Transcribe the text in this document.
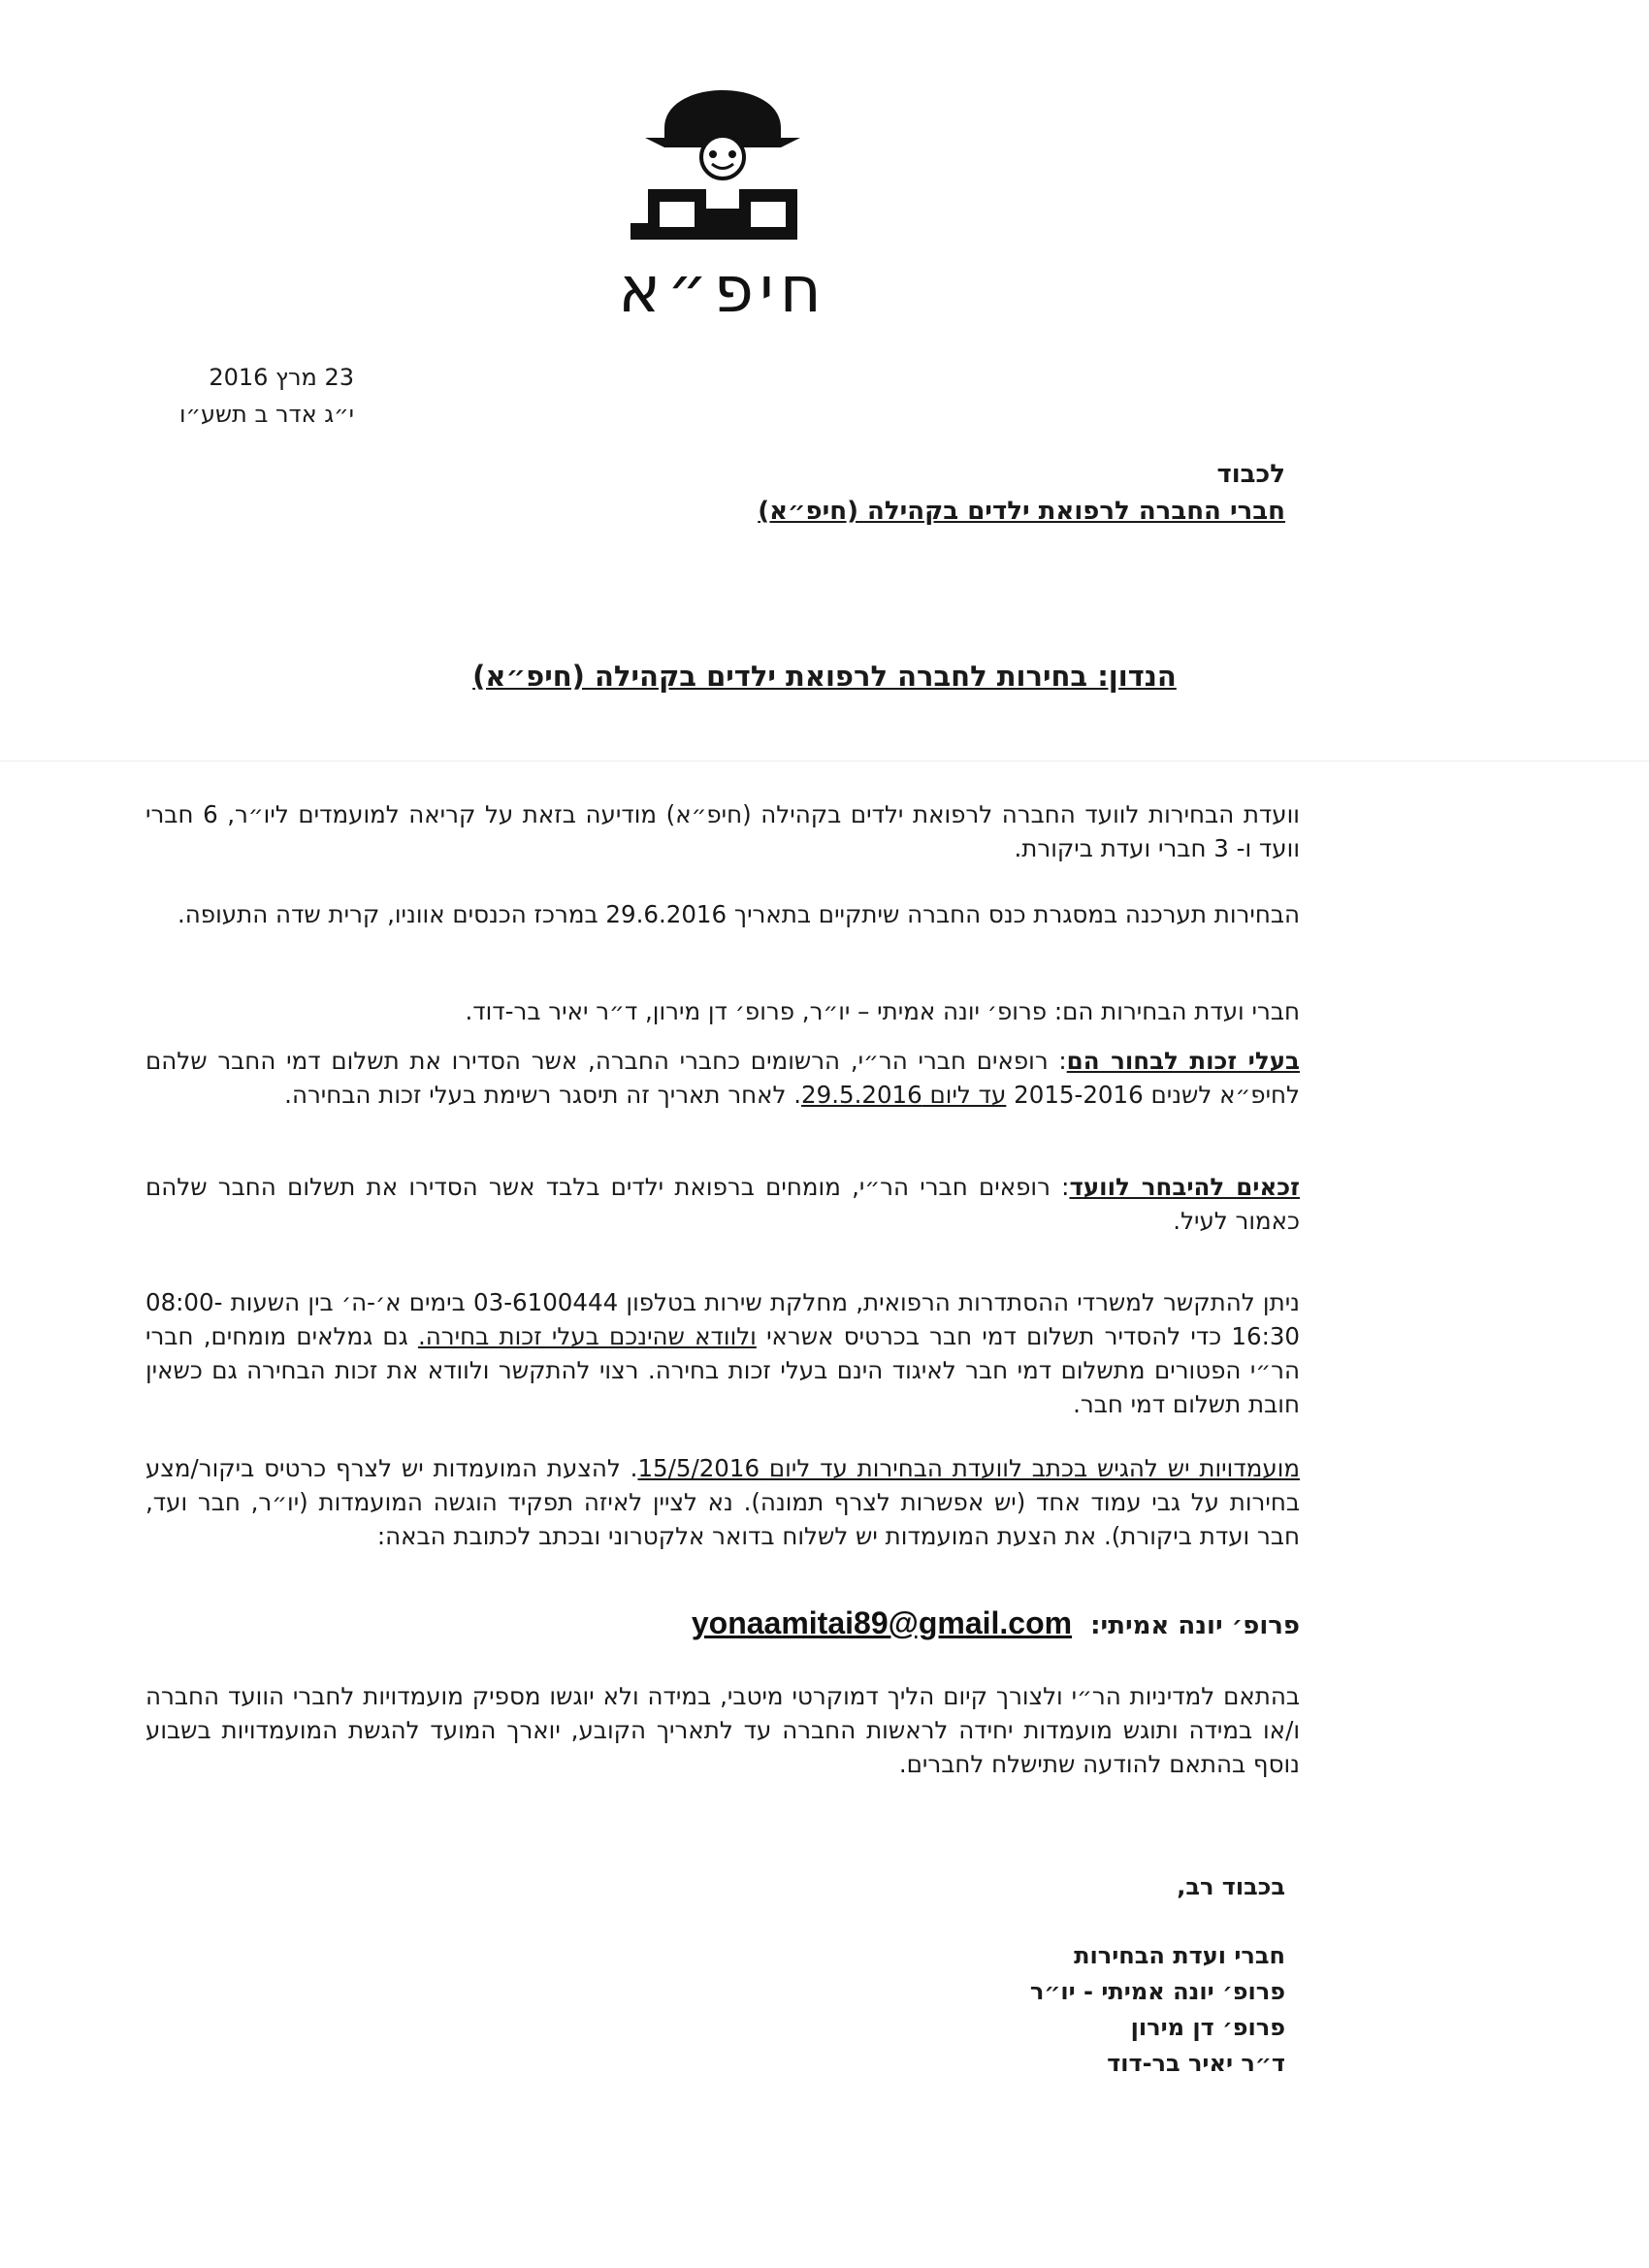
חיפ״א
23 מרץ 2016
י״ג אדר ב תשע״ו
לכבוד
חברי החברה לרפואת ילדים בקהילה (חיפ״א)
הנדון: בחירות לחברה לרפואת ילדים בקהילה (חיפ״א)
וועדת הבחירות לוועד החברה לרפואת ילדים בקהילה (חיפ״א) מודיעה בזאת על קריאה למועמדים ליו״ר, 6 חברי וועד ו- 3 חברי ועדת ביקורת.
הבחירות תערכנה במסגרת כנס החברה שיתקיים בתאריך 29.6.2016 במרכז הכנסים אווניו, קרית שדה התעופה.
חברי ועדת הבחירות הם: פרופ׳ יונה אמיתי – יו״ר, פרופ׳ דן מירון, ד״ר יאיר בר-דוד.
בעלי זכות לבחור הם: רופאים חברי הר״י, הרשומים כחברי החברה, אשר הסדירו את תשלום דמי החבר שלהם לחיפ״א לשנים 2015-2016 עד ליום 29.5.2016. לאחר תאריך זה תיסגר רשימת בעלי זכות הבחירה.
זכאים להיבחר לוועד: רופאים חברי הר״י, מומחים ברפואת ילדים בלבד אשר הסדירו את תשלום החבר שלהם כאמור לעיל.
ניתן להתקשר למשרדי ההסתדרות הרפואית, מחלקת שירות בטלפון 03-6100444 בימים א׳-ה׳ בין השעות 08:00-16:30 כדי להסדיר תשלום דמי חבר בכרטיס אשראי ולוודא שהינכם בעלי זכות בחירה. גם גמלאים מומחים, חברי הר״י הפטורים מתשלום דמי חבר לאיגוד הינם בעלי זכות בחירה. רצוי להתקשר ולוודא את זכות הבחירה גם כשאין חובת תשלום דמי חבר.
מועמדויות יש להגיש בכתב לוועדת הבחירות עד ליום 15/5/2016. להצעת המועמדות יש לצרף כרטיס ביקור/מצע בחירות על גבי עמוד אחד (יש אפשרות לצרף תמונה). נא לציין לאיזה תפקיד הוגשה המועמדות (יו״ר, חבר ועד, חבר ועדת ביקורת). את הצעת המועמדות יש לשלוח בדואר אלקטרוני ובכתב לכתובת הבאה:
פרופ׳ יונה אמיתי: yonaamitai89@gmail.com
בהתאם למדיניות הר״י ולצורך קיום הליך דמוקרטי מיטבי, במידה ולא יוגשו מספיק מועמדויות לחברי הוועד החברה ו/או במידה ותוגש מועמדות יחידה לראשות החברה עד לתאריך הקובע, יוארך המועד להגשת המועמדויות בשבוע נוסף בהתאם להודעה שתישלח לחברים.
בכבוד רב,
חברי ועדת הבחירות
פרופ׳ יונה אמיתי - יו״ר
פרופ׳ דן מירון
ד״ר יאיר בר-דוד
